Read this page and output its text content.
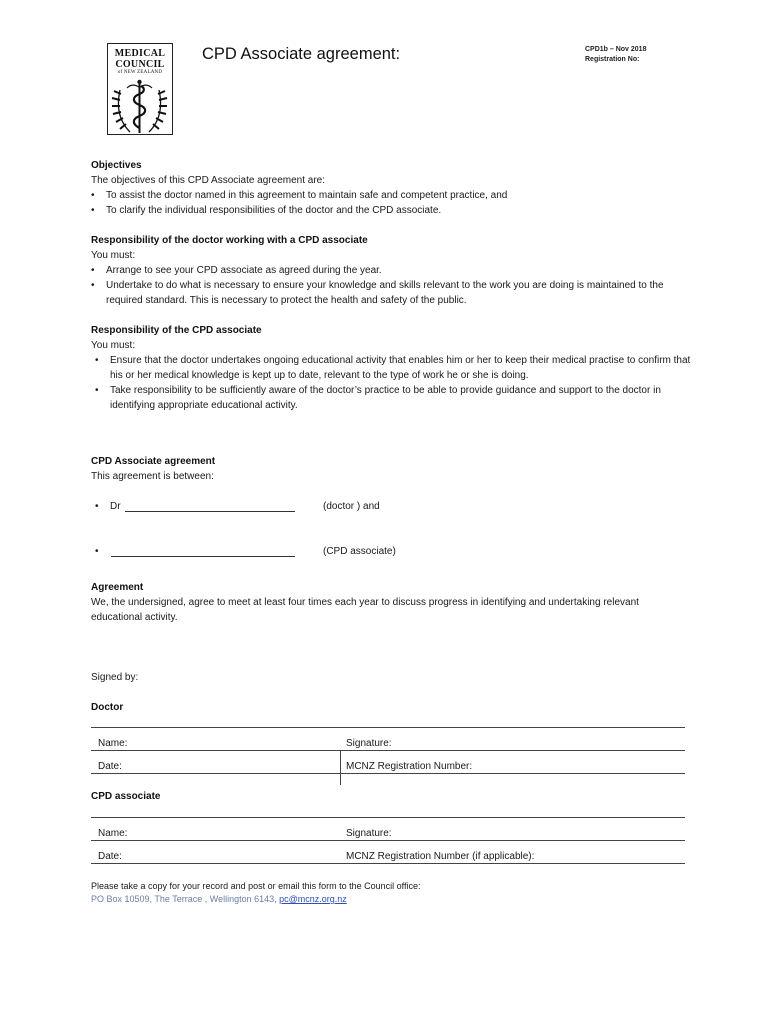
MEDICAL
COUNCIL
of NEW ZEALAND
CPD Associate agreement:	CPD1b – Nov 2018
Registration No:
Objectives

The objectives of this CPD Associate agreement are:

• To assist the doctor named in this agreement to maintain safe and competent practice, and
• To clarify the individual responsibilities of the doctor and the CPD associate.
Responsibility of the doctor working with a CPD associate

You must:

• Arrange to see your CPD associate as agreed during the year.
• Undertake to do what is necessary to ensure your knowledge and skills relevant to the work you are doing is maintained to the required standard. This is necessary to protect the health and safety of the public.
Responsibility of the CPD associate

You must:

• Ensure that the doctor undertakes ongoing educational activity that enables him or her to keep their medical practise to confirm that his or her medical knowledge is kept up to date, relevant to the type of work he or she is doing.
• Take responsibility to be sufficiently aware of the doctor’s practice to be able to provide guidance and support to the doctor in identifying appropriate educational activity.
CPD Associate agreement
This agreement is between:
• Dr	(doctor ) and
•	(CPD associate)
Agreement
We, the undersigned, agree to meet at least four times each year to discuss progress in identifying and undertaking relevant educational activity.
Signed by:
Doctor
Name:	Signature:
Date:	MCNZ Registration Number:
CPD associate
Name:	Signature:
Date:	MCNZ Registration Number (if applicable):
Please take a copy for your record and post or email this form to the Council office:
PO Box 10509, The Terrace , Wellington 6143, pc@mcnz.org.nz
